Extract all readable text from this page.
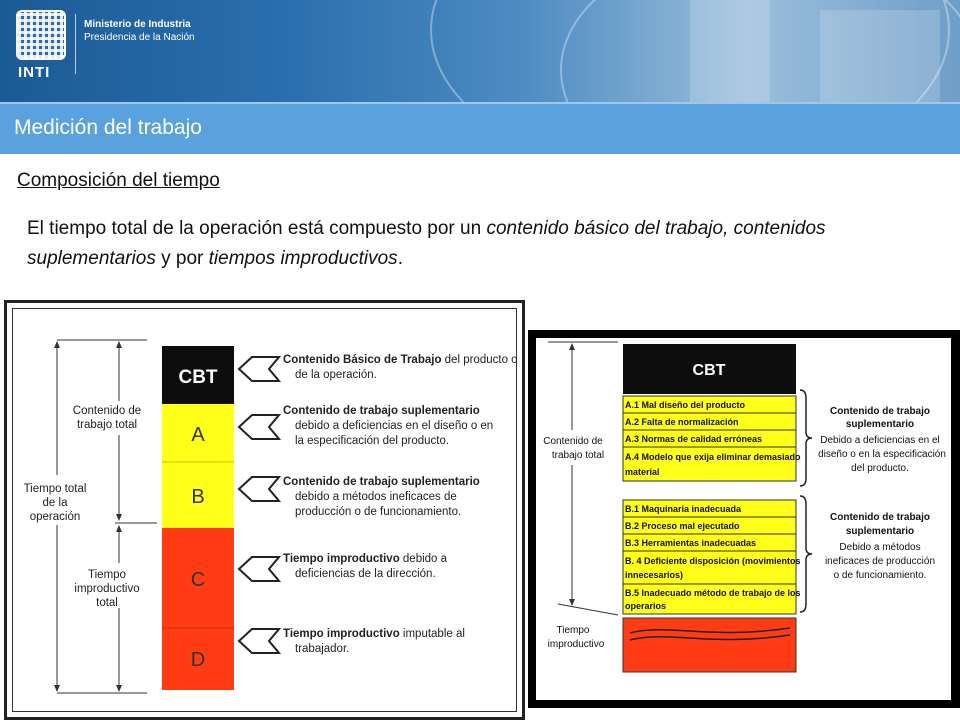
INTI
Ministerio de Industria
Presidencia de la Nación
Medición del trabajo
Composición del tiempo
El tiempo total de la operación está compuesto por un contenido básico del trabajo, contenidos suplementarios y por tiempos improductivos.
CBT
A
B
C
D
Contenido de
trabajo total
Tiempo total
de la
operación
Tiempo
improductivo
total
Contenido Básico de Trabajo del producto o
de la operación.
Contenido de trabajo suplementario
debido a deficiencias en el diseño o en
la especificación del producto.
Contenido de trabajo suplementario
debido a métodos ineficaces de
producción o de funcionamiento.
Tiempo improductivo debido a
deficiencias de la dirección.
Tiempo improductivo imputable al
trabajador.
CBT
A.1 Mal diseño del producto
A.2 Falta de normalización
A.3 Normas de calidad erróneas
A.4 Modelo que exija eliminar demasiado
material
B.1 Maquinaria inadecuada
B.2 Proceso mal ejecutado
B.3 Herramientas inadecuadas
B. 4 Deficiente disposición (movimientos
innecesarios)
B.5 Inadecuado método de trabajo de los
operarios
Contenido de
trabajo total
Tiempo
improductivo
Contenido de trabajo
suplementario
Debido a deficiencias en el
diseño o en la especificación
del producto.
Contenido de trabajo
suplementario
Debido a métodos
ineficaces de producción
o de funcionamiento.
